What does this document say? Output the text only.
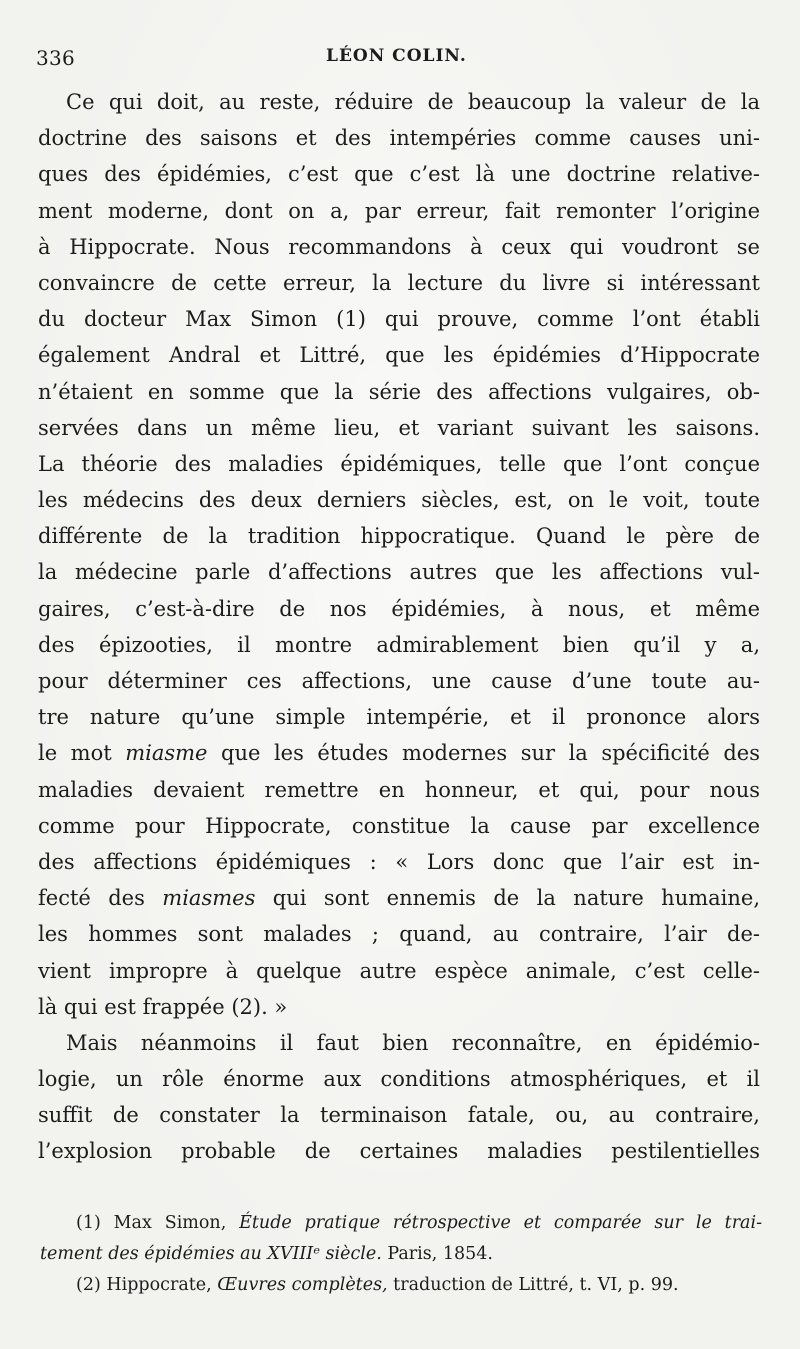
336	LÉON COLIN.
Ce qui doit, au reste, réduire de beaucoup la valeur de la
doctrine des saisons et des intempéries comme causes uni-
ques des épidémies, c’est que c’est là une doctrine relative-
ment moderne, dont on a, par erreur, fait remonter l’origine
à Hippocrate. Nous recommandons à ceux qui voudront se
convaincre de cette erreur, la lecture du livre si intéressant
du docteur Max Simon (1) qui prouve, comme l’ont établi
également Andral et Littré, que les épidémies d’Hippocrate
n’étaient en somme que la série des affections vulgaires, ob-
servées dans un même lieu, et variant suivant les saisons.
La théorie des maladies épidémiques, telle que l’ont conçue
les médecins des deux derniers siècles, est, on le voit, toute
différente de la tradition hippocratique. Quand le père de
la médecine parle d’affections autres que les affections vul-
gaires, c’est-à-dire de nos épidémies, à nous, et même
des épizooties, il montre admirablement bien qu’il y a,
pour déterminer ces affections, une cause d’une toute au-
tre nature qu’une simple intempérie, et il prononce alors
le mot miasme que les études modernes sur la spécificité des
maladies devaient remettre en honneur, et qui, pour nous
comme pour Hippocrate, constitue la cause par excellence
des affections épidémiques : « Lors donc que l’air est in-
fecté des miasmes qui sont ennemis de la nature humaine,
les hommes sont malades ; quand, au contraire, l’air de-
vient impropre à quelque autre espèce animale, c’est celle-
là qui est frappée (2). »
Mais néanmoins il faut bien reconnaître, en épidémio-
logie, un rôle énorme aux conditions atmosphériques, et il
suffit de constater la terminaison fatale, ou, au contraire,
l’explosion probable de certaines maladies pestilentielles
(1) Max Simon, Étude pratique rétrospective et comparée sur le trai-
tement des épidémies au XVIIIᵉ siècle. Paris, 1854.
(2) Hippocrate, Œuvres complètes, traduction de Littré, t. VI, p. 99.
